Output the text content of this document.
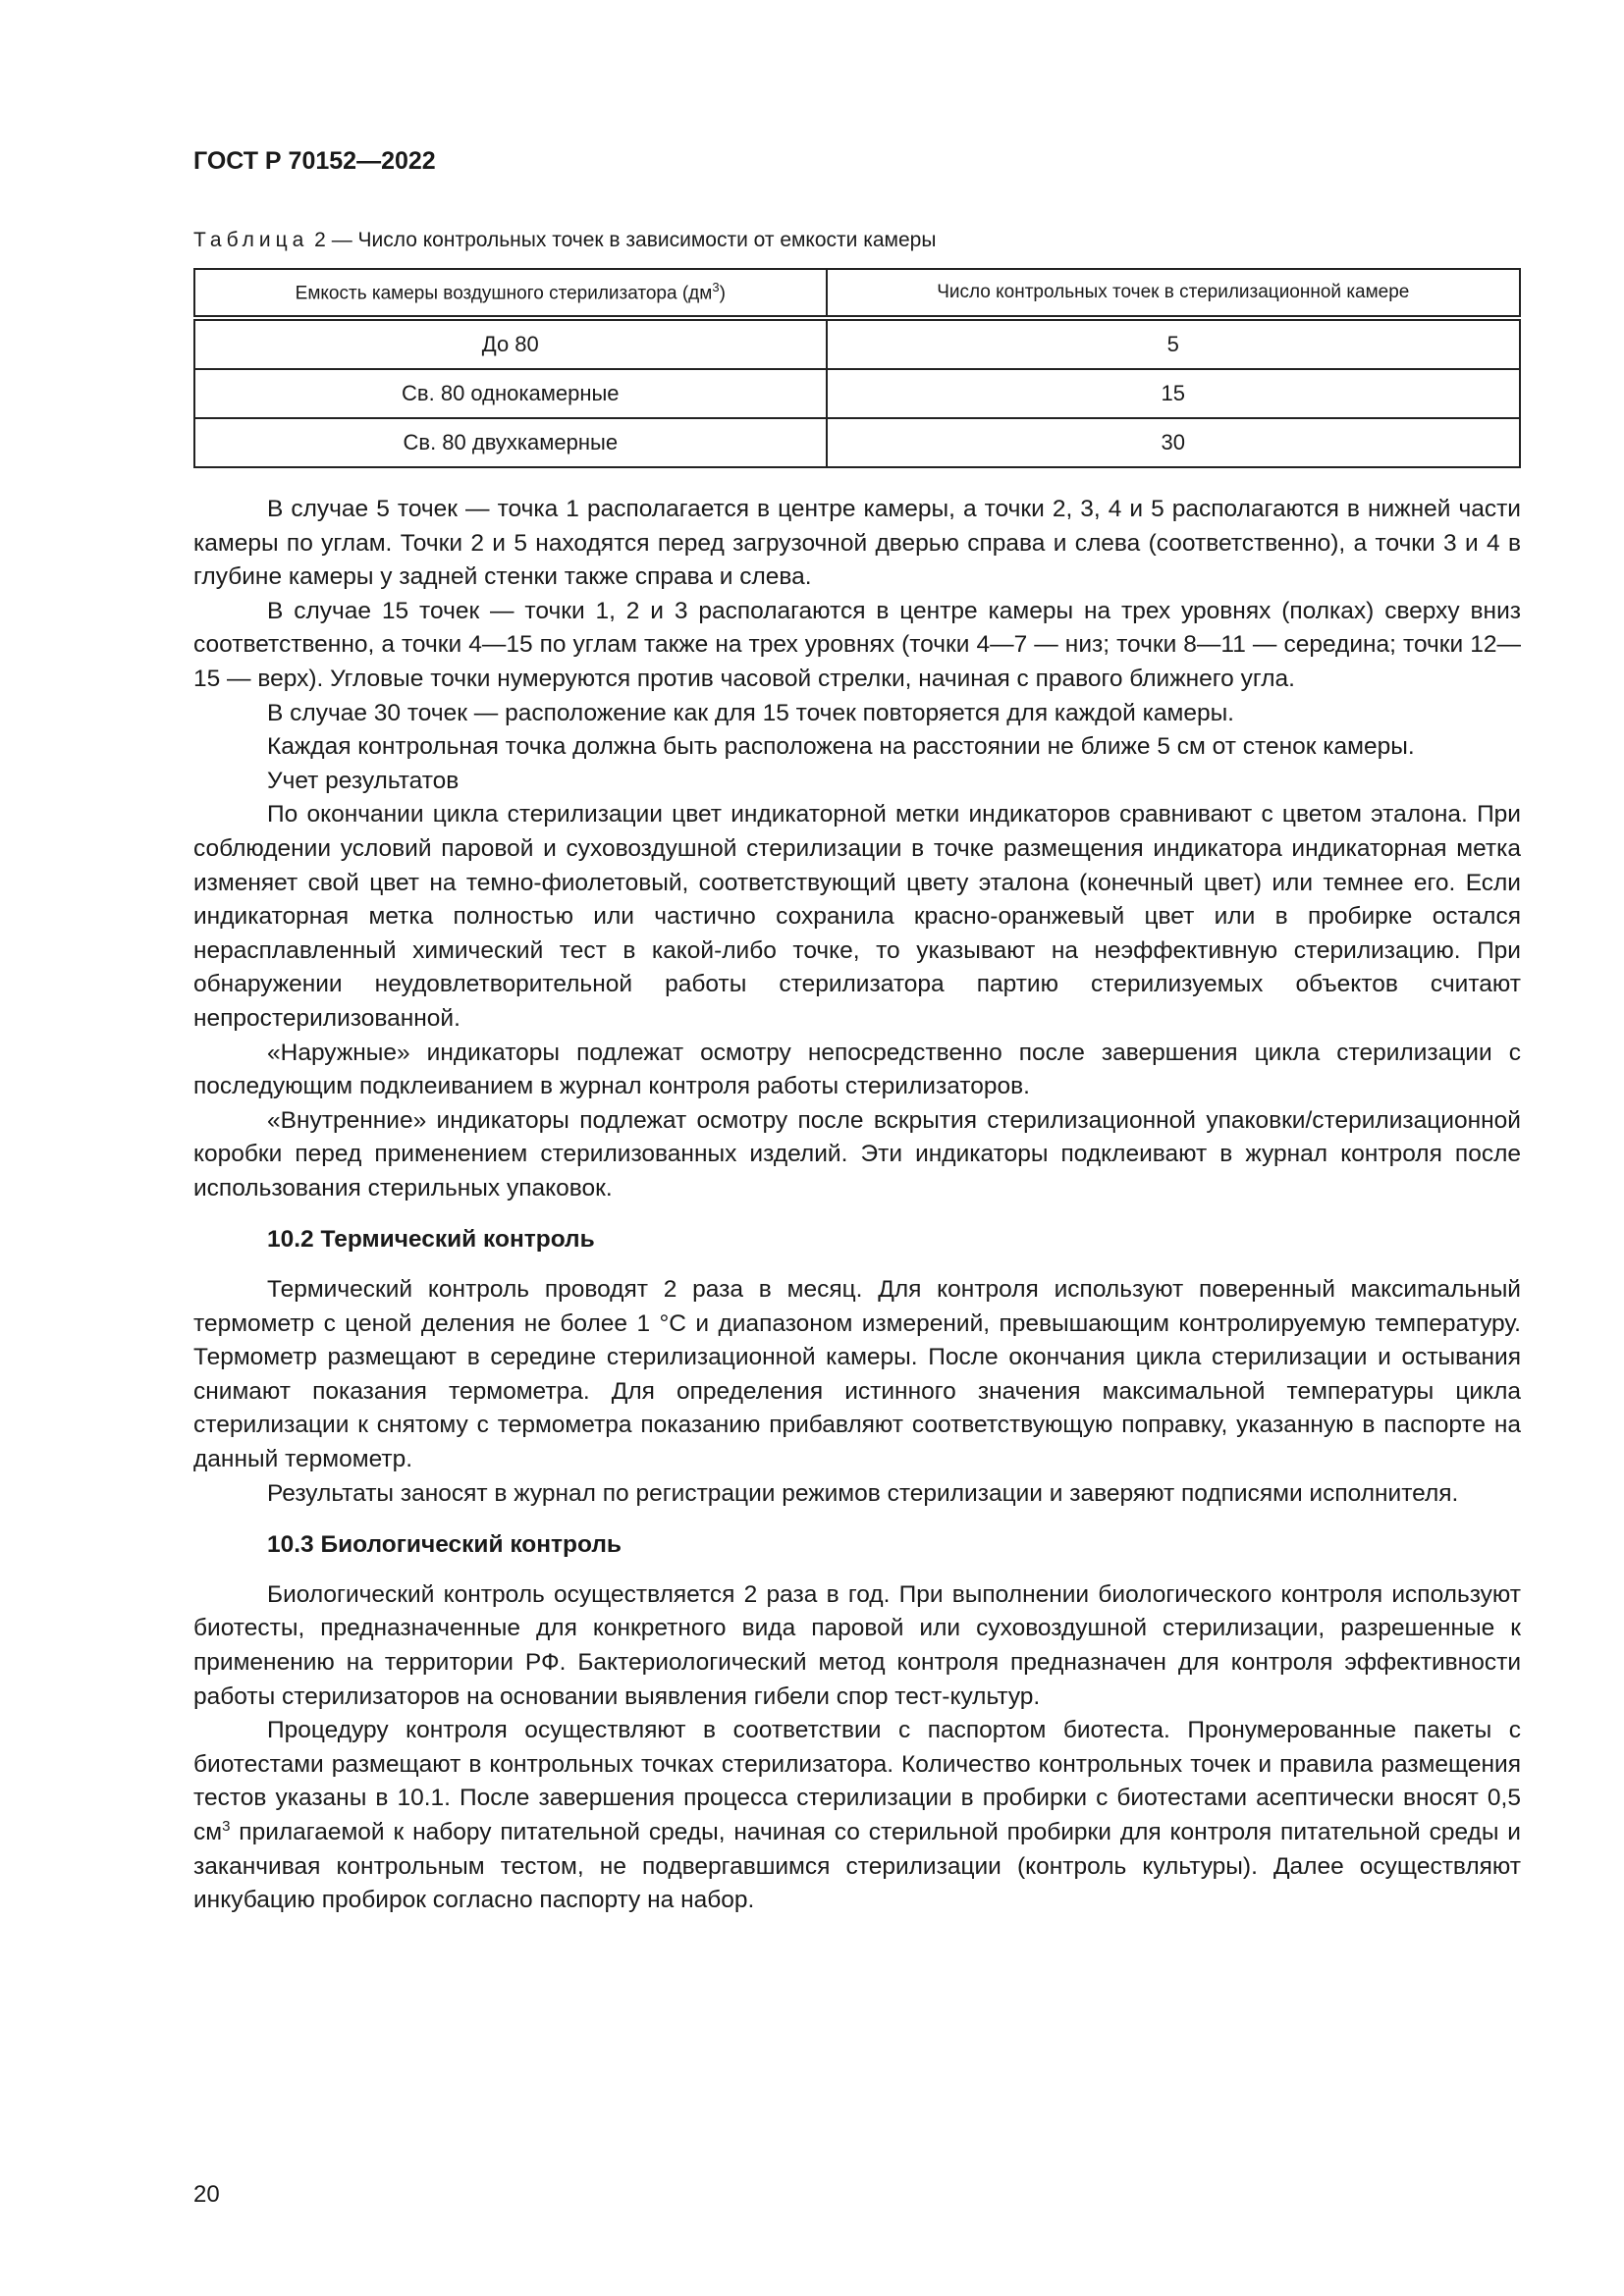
ГОСТ Р 70152—2022
Таблица 2 — Число контрольных точек в зависимости от емкости камеры
Емкость камеры воздушного стерилизатора $(дм^3)$	Число контрольных точек в стерилизационной камере
До 80	5
Св. 80 однокамерные	15
Св. 80 двухкамерные	30

В случае 5 точек — точка 1 располагается в центре камеры, а точки 2, 3, 4 и 5 располагаются в нижней части камеры по углам. Точки 2 и 5 находятся перед загрузочной дверью справа и слева (соответственно), а точки 3 и 4 в глубине камеры у задней стенки также справа и слева.

В случае 15 точек — точки 1, 2 и 3 располагаются в центре камеры на трех уровнях (полках) сверху вниз соответственно, а точки 4—15 по углам также на трех уровнях (точки 4—7 — низ; точки 8—11 — середина; точки 12—15 — верх). Угловые точки нумеруются против часовой стрелки, начиная с правого ближнего угла.

В случае 30 точек — расположение как для 15 точек повторяется для каждой камеры.

Каждая контрольная точка должна быть расположена на расстоянии не ближе 5 см от стенок камеры.

Учет результатов

По окончании цикла стерилизации цвет индикаторной метки индикаторов сравнивают с цветом эталона. При соблюдении условий паровой и суховоздушной стерилизации в точке размещения индикатора индикаторная метка изменяет свой цвет на темно-фиолетовый, соответствующий цвету эталона (конечный цвет) или темнее его. Если индикаторная метка полностью или частично сохранила красно-оранжевый цвет или в пробирке остался нерасплавленный химический тест в какой-либо точке, то указывают на неэффективную стерилизацию. При обнаружении неудовлетворительной работы стерилизатора партию стерилизуемых объектов считают непростерилизованной.

«Наружные» индикаторы подлежат осмотру непосредственно после завершения цикла стерилизации с последующим подклеиванием в журнал контроля работы стерилизаторов.

«Внутренние» индикаторы подлежат осмотру после вскрытия стерилизационной упаковки/стерилизационной коробки перед применением стерилизованных изделий. Эти индикаторы подклеивают в журнал контроля после использования стерильных упаковок.

10.2 Термический контроль

Термический контроль проводят 2 раза в месяц. Для контроля используют поверенный максиmальный термометр с ценой деления не более 1 °С и диапазоном измерений, превышающим контролируемую температуру. Термометр размещают в середине стерилизационной камеры. После окончания цикла стерилизации и остывания снимают показания термометра. Для определения истинного значения максимальной температуры цикла стерилизации к снятому с термометра показанию прибавляют соответствующую поправку, указанную в паспорте на данный термометр.

Результаты заносят в журнал по регистрации режимов стерилизации и заверяют подписями исполнителя.

10.3 Биологический контроль

Биологический контроль осуществляется 2 раза в год. При выполнении биологического контроля используют биотесты, предназначенные для конкретного вида паровой или суховоздушной стерилизации, разрешенные к применению на территории РФ. Бактериологический метод контроля предназначен для контроля эффективности работы стерилизаторов на основании выявления гибели спор тест-культур.

Процедуру контроля осуществляют в соответствии с паспортом биотеста. Пронумерованные пакеты с биотестами размещают в контрольных точках стерилизатора. Количество контрольных точек и правила размещения тестов указаны в 10.1. После завершения процесса стерилизации в пробирки с биотестами асептически вносят 0,5 $см^3$ прилагаемой к набору питательной среды, начиная со стерильной пробирки для контроля питательной среды и заканчивая контрольным тестом, не подвергавшимся стерилизации (контроль культуры). Далее осуществляют инкубацию пробирок согласно паспорту на набор.

20
